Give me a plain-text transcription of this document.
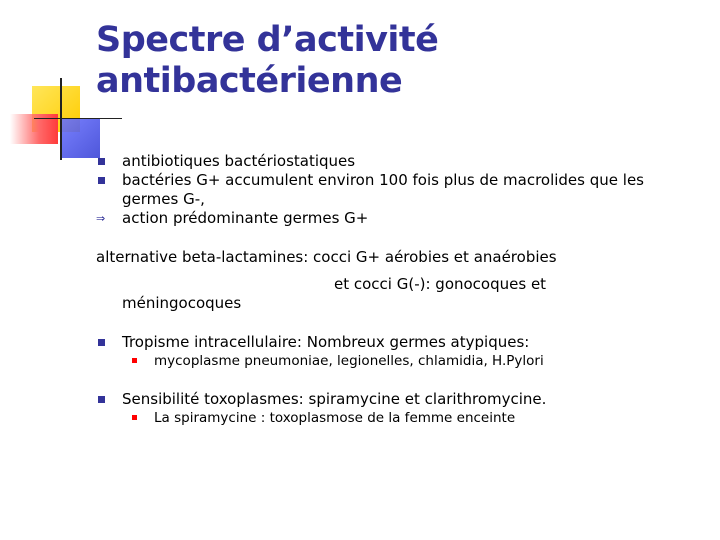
Spectre d’activité antibactérienne
antibiotiques bactériostatiques
bactéries G+ accumulent environ 100 fois plus de macrolides que les germes G-,
⇒ action prédominante germes G+
alternative beta-lactamines: cocci G+ aérobies et anaérobies
et cocci G(-): gonocoques et
méningocoques
Tropisme intracellulaire: Nombreux germes atypiques:
mycoplasme pneumoniae, legionelles, chlamidia, H.Pylori
Sensibilité toxoplasmes: spiramycine et clarithromycine.
La spiramycine : toxoplasmose de la femme enceinte
